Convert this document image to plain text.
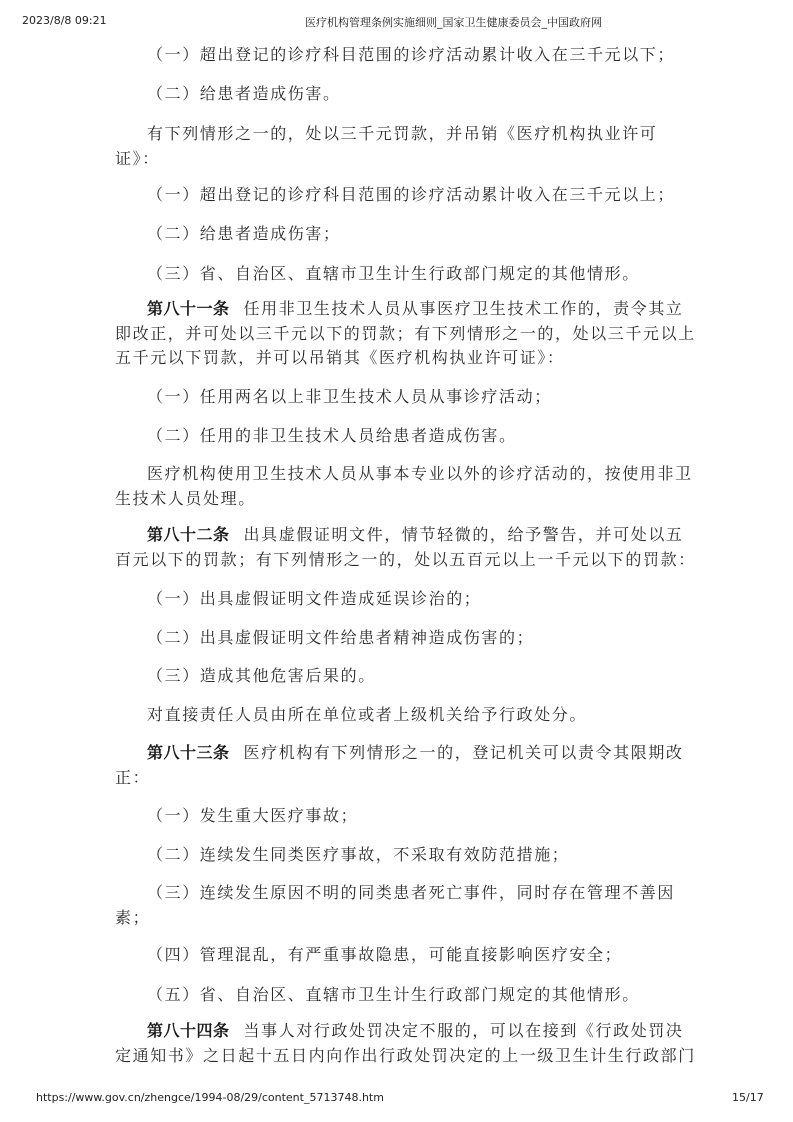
2023/8/8 09:21	医疗机构管理条例实施细则_国家卫生健康委员会_中国政府网
（一）超出登记的诊疗科目范围的诊疗活动累计收入在三千元以下；
（二）给患者造成伤害。
有下列情形之一的，处以三千元罚款，并吊销《医疗机构执业许可
证》：
（一）超出登记的诊疗科目范围的诊疗活动累计收入在三千元以上；
（二）给患者造成伤害；
（三）省、自治区、直辖市卫生计生行政部门规定的其他情形。
第八十一条 任用非卫生技术人员从事医疗卫生技术工作的，责令其立
即改正，并可处以三千元以下的罚款；有下列情形之一的，处以三千元以上
五千元以下罚款，并可以吊销其《医疗机构执业许可证》：
（一）任用两名以上非卫生技术人员从事诊疗活动；
（二）任用的非卫生技术人员给患者造成伤害。
医疗机构使用卫生技术人员从事本专业以外的诊疗活动的，按使用非卫
生技术人员处理。
第八十二条 出具虚假证明文件，情节轻微的，给予警告，并可处以五
百元以下的罚款；有下列情形之一的，处以五百元以上一千元以下的罚款：
（一）出具虚假证明文件造成延误诊治的；
（二）出具虚假证明文件给患者精神造成伤害的；
（三）造成其他危害后果的。
对直接责任人员由所在单位或者上级机关给予行政处分。
第八十三条 医疗机构有下列情形之一的，登记机关可以责令其限期改
正：
（一）发生重大医疗事故；
（二）连续发生同类医疗事故，不采取有效防范措施；
（三）连续发生原因不明的同类患者死亡事件，同时存在管理不善因
素；
（四）管理混乱，有严重事故隐患，可能直接影响医疗安全；
（五）省、自治区、直辖市卫生计生行政部门规定的其他情形。
第八十四条 当事人对行政处罚决定不服的，可以在接到《行政处罚决
定通知书》之日起十五日内向作出行政处罚决定的上一级卫生计生行政部门
https://www.gov.cn/zhengce/1994-08/29/content_5713748.htm	15/17
